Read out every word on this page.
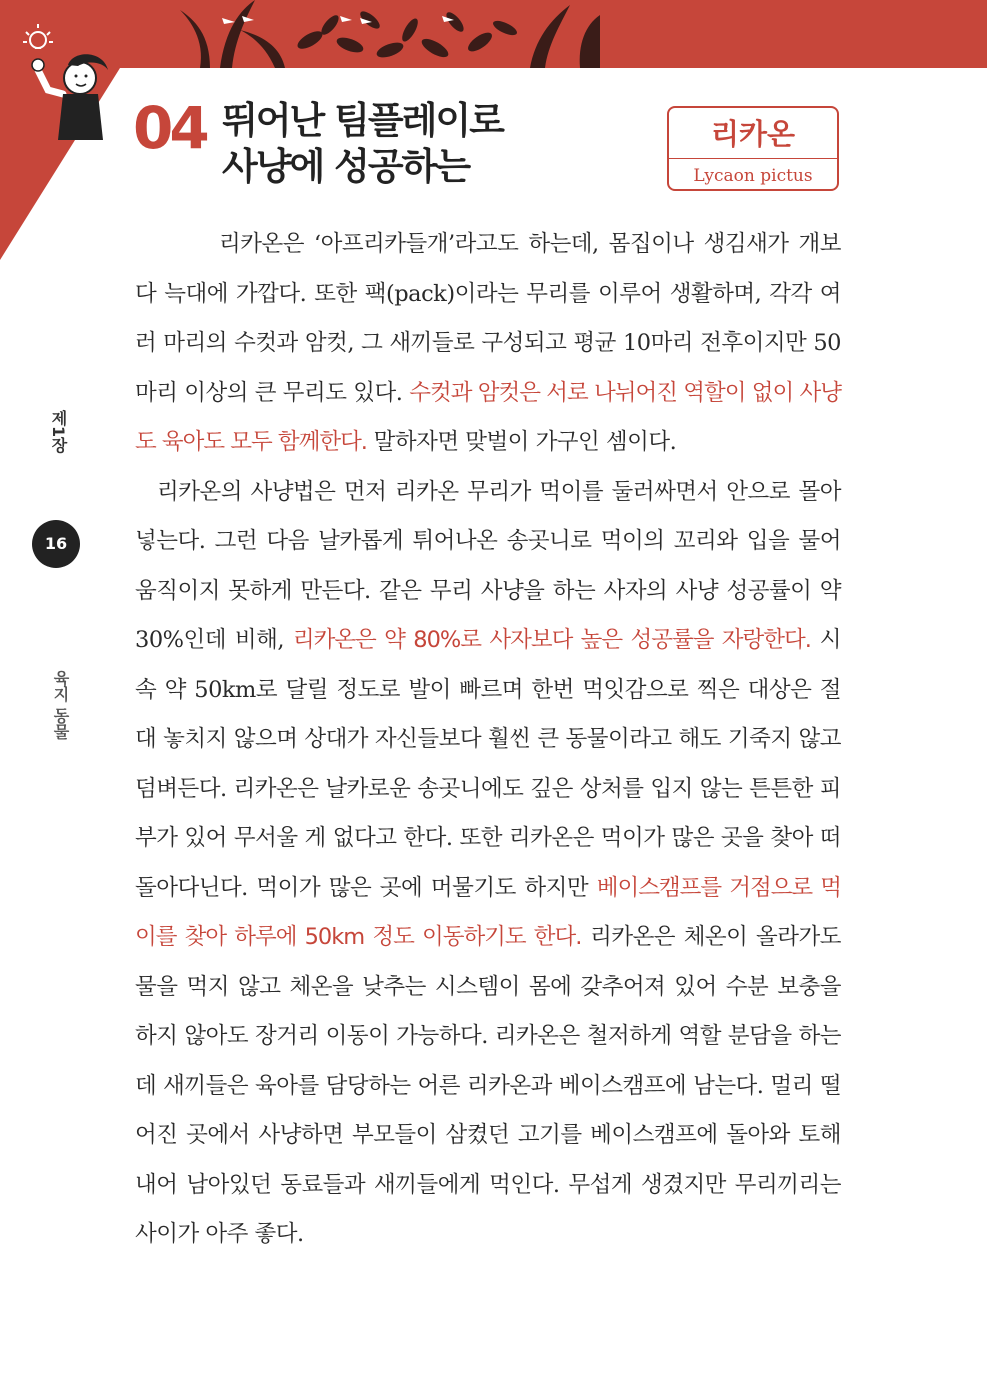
04 뛰어난 팀플레이로
사냥에 성공하는
리카온
Lycaon pictus
제1장
16
육지 동물

리카온은 ‘아프리카들개’라고도 하는데, 몸집이나 생김새가 개보다 늑대에 가깝다. 또한 팩(pack)이라는 무리를 이루어 생활하며, 각각 여러 마리의 수컷과 암컷, 그 새끼들로 구성되고 평균 10마리 전후이지만 50마리 이상의 큰 무리도 있다. 수컷과 암컷은 서로 나뉘어진 역할이 없이 사냥도 육아도 모두 함께한다. 말하자면 맞벌이 가구인 셈이다.

리카온의 사냥법은 먼저 리카온 무리가 먹이를 둘러싸면서 안으로 몰아넣는다. 그런 다음 날카롭게 튀어나온 송곳니로 먹이의 꼬리와 입을 물어 움직이지 못하게 만든다. 같은 무리 사냥을 하는 사자의 사냥 성공률이 약 30%인데 비해, 리카온은 약 80%로 사자보다 높은 성공률을 자랑한다. 시속 약 50km로 달릴 정도로 발이 빠르며 한번 먹잇감으로 찍은 대상은 절대 놓치지 않으며 상대가 자신들보다 훨씬 큰 동물이라고 해도 기죽지 않고 덤벼든다. 리카온은 날카로운 송곳니에도 깊은 상처를 입지 않는 튼튼한 피부가 있어 무서울 게 없다고 한다. 또한 리카온은 먹이가 많은 곳을 찾아 떠돌아다닌다. 먹이가 많은 곳에 머물기도 하지만 베이스캠프를 거점으로 먹이를 찾아 하루에 50km 정도 이동하기도 한다. 리카온은 체온이 올라가도 물을 먹지 않고 체온을 낮추는 시스템이 몸에 갖추어져 있어 수분 보충을 하지 않아도 장거리 이동이 가능하다. 리카온은 철저하게 역할 분담을 하는데 새끼들은 육아를 담당하는 어른 리카온과 베이스캠프에 남는다. 멀리 떨어진 곳에서 사냥하면 부모들이 삼켰던 고기를 베이스캠프에 돌아와 토해내어 남아있던 동료들과 새끼들에게 먹인다. 무섭게 생겼지만 무리끼리는 사이가 아주 좋다.
